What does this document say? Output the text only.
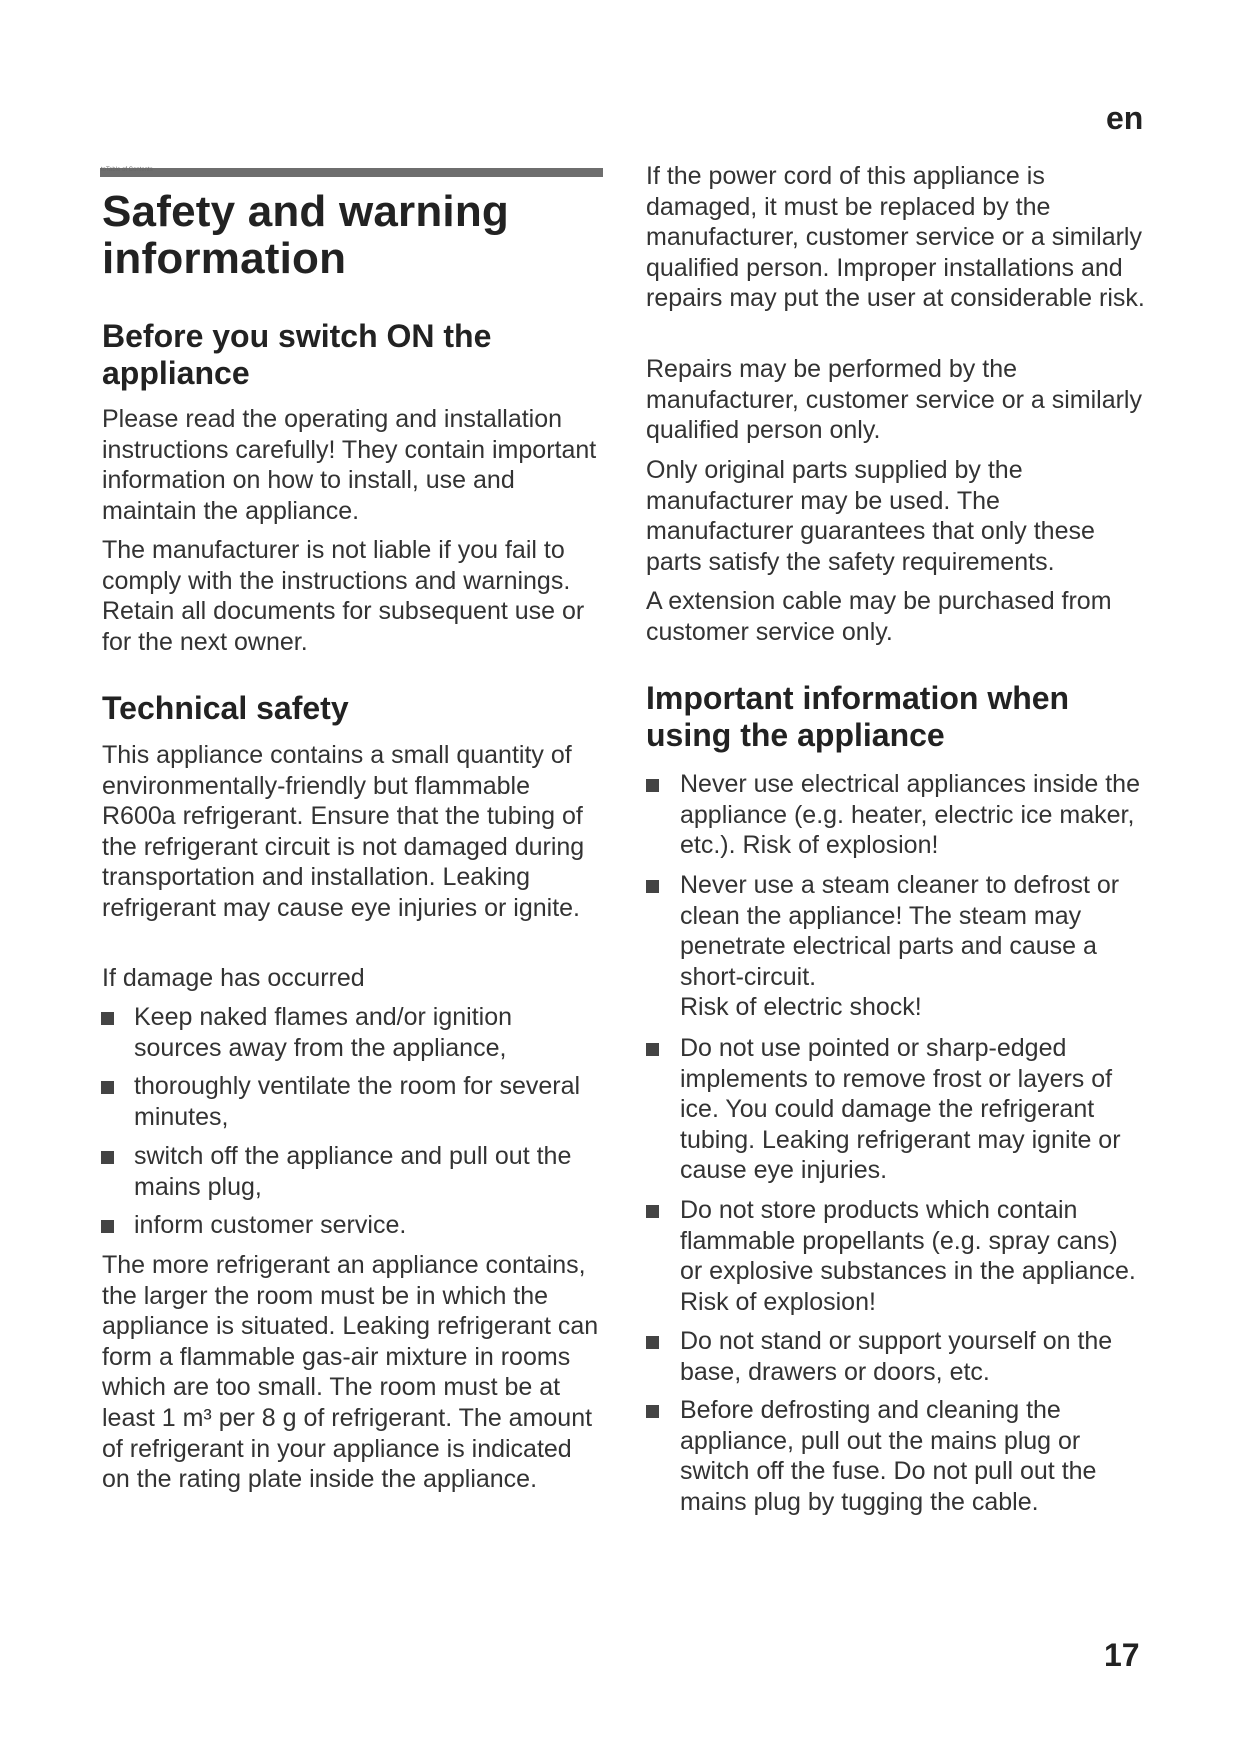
en
toTable of Contents
Safety and warning information
Before you switch ON the appliance

Please read the operating and installation instructions carefully! They contain important information on how to install, use and maintain the appliance.

The manufacturer is not liable if you fail to comply with the instructions and warnings. Retain all documents for subsequent use or for the next owner.

Technical safety

This appliance contains a small quantity of environmentally-friendly but flammable R600a refrigerant. Ensure that the tubing of the refrigerant circuit is not damaged during transportation and installation. Leaking refrigerant may cause eye injuries or ignite.

If damage has occurred

Keep naked flames and/or ignition sources away from the appliance,
thoroughly ventilate the room for several minutes,
switch off the appliance and pull out the mains plug,
inform customer service.

The more refrigerant an appliance contains, the larger the room must be in which the appliance is situated. Leaking refrigerant can form a flammable gas-air mixture in rooms which are too small. The room must be at least 1 m³ per 8 g of refrigerant. The amount of refrigerant in your appliance is indicated on the rating plate inside the appliance.

If the power cord of this appliance is damaged, it must be replaced by the manufacturer, customer service or a similarly qualified person. Improper installations and repairs may put the user at considerable risk.

Repairs may be performed by the manufacturer, customer service or a similarly qualified person only.

Only original parts supplied by the manufacturer may be used. The manufacturer guarantees that only these parts satisfy the safety requirements.

A extension cable may be purchased from customer service only.

Important information when using the appliance
Never use electrical appliances inside the appliance (e.g. heater, electric ice maker, etc.). Risk of explosion!
Never use a steam cleaner to defrost or clean the appliance! The steam may penetrate electrical parts and cause a short-circuit.
Risk of electric shock!
Do not use pointed or sharp-edged implements to remove frost or layers of ice. You could damage the refrigerant tubing. Leaking refrigerant may ignite or cause eye injuries.
Do not store products which contain flammable propellants (e.g. spray cans) or explosive substances in the appliance. Risk of explosion!
Do not stand or support yourself on the base, drawers or doors, etc.
Before defrosting and cleaning the appliance, pull out the mains plug or switch off the fuse. Do not pull out the mains plug by tugging the cable.
17
